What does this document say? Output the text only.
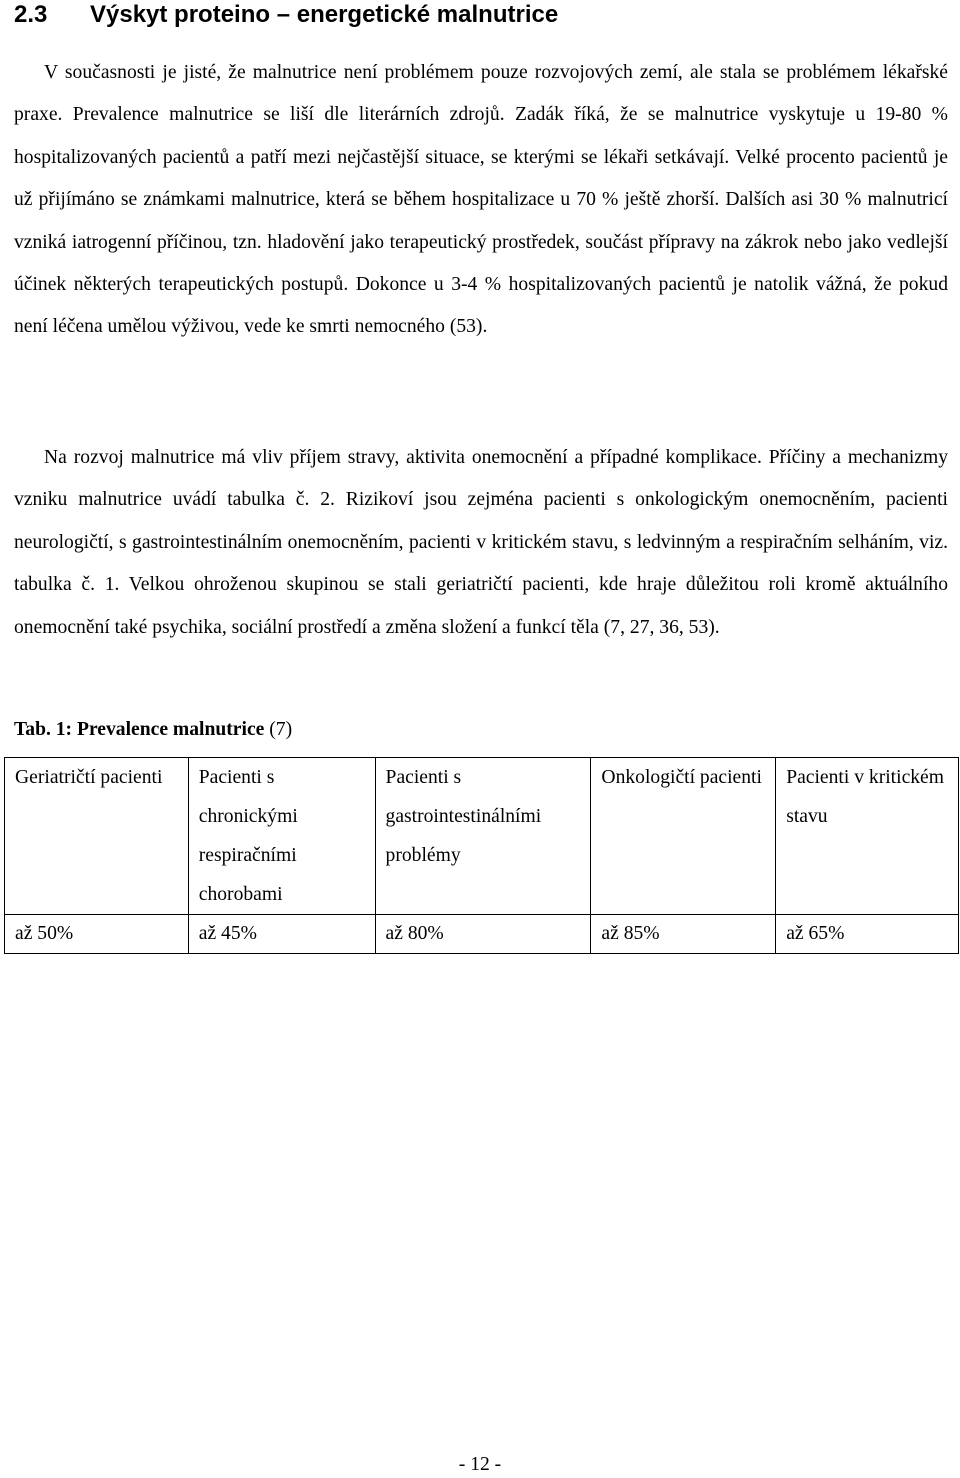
2.3 Výskyt proteino – energetické malnutrice

V současnosti je jisté, že malnutrice není problémem pouze rozvojových zemí, ale stala se problémem lékařské praxe. Prevalence malnutrice se liší dle literárních zdrojů. Zadák říká, že se malnutrice vyskytuje u 19-80 % hospitalizovaných pacientů a patří mezi nejčastější situace, se kterými se lékaři setkávají. Velké procento pacientů je už přijímáno se známkami malnutrice, která se během hospitalizace u 70 % ještě zhorší. Dalších asi 30 % malnutricí vzniká iatrogenní příčinou, tzn. hladovění jako terapeutický prostředek, součást přípravy na zákrok nebo jako vedlejší účinek některých terapeutických postupů. Dokonce u 3-4 % hospitalizovaných pacientů je natolik vážná, že pokud není léčena umělou výživou, vede ke smrti nemocného (53).

Na rozvoj malnutrice má vliv příjem stravy, aktivita onemocnění a případné komplikace. Příčiny a mechanizmy vzniku malnutrice uvádí tabulka č. 2. Rizikoví jsou zejména pacienti s onkologickým onemocněním, pacienti neurologičtí, s gastrointestinálním onemocněním, pacienti v kritickém stavu, s ledvinným a respiračním selháním, viz. tabulka č. 1. Velkou ohroženou skupinou se stali geriatričtí pacienti, kde hraje důležitou roli kromě aktuálního onemocnění také psychika, sociální prostředí a změna složení a funkcí těla (7, 27, 36, 53).

Tab. 1: Prevalence malnutrice (7)
Geriatričtí pacienti	Pacienti s chronickými respiračními chorobami	Pacienti s gastrointestinálními problémy	Onkologičtí pacienti	Pacienti v kritickém stavu
až 50%	až 45%	až 80%	až 85%	až 65%
- 12 -
